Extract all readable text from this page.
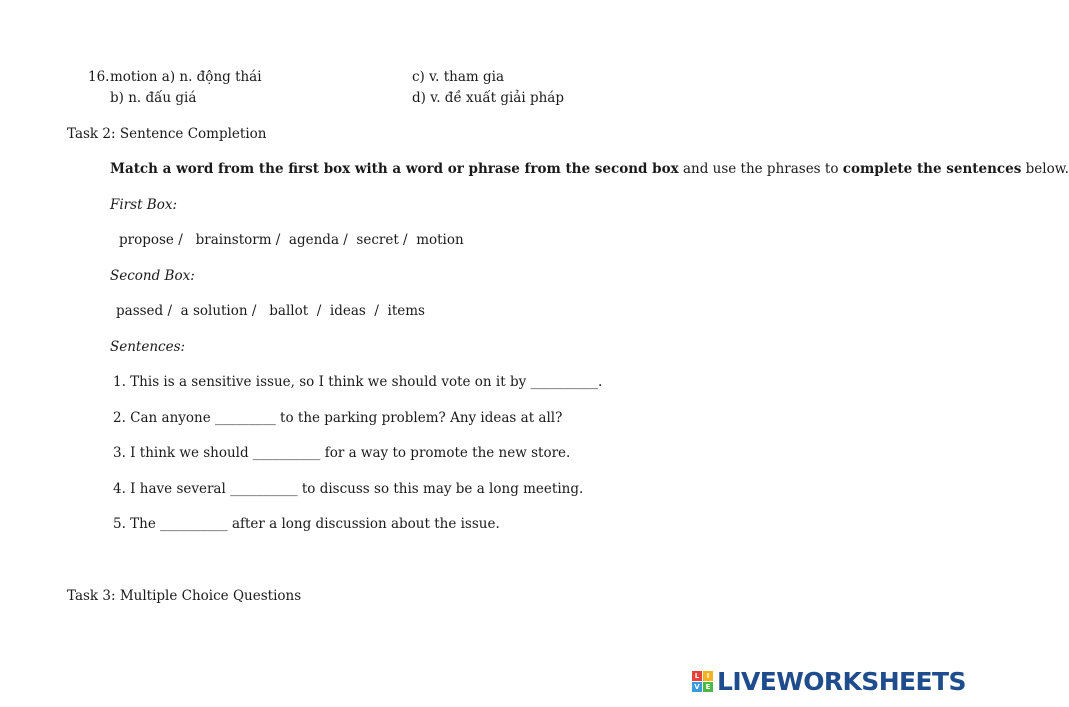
16. motion a) n. động thái	c) v. tham gia
b) n. đấu giá	d) v. đề xuất giải pháp
Task 2: Sentence Completion
Match a word from the first box with a word or phrase from the second box and use the phrases to complete the sentences below.
First Box:
propose /   brainstorm /  agenda /  secret /  motion
Second Box:
passed /  a solution /   ballot  /  ideas  /  items
Sentences:
1. This is a sensitive issue, so I think we should vote on it by __________.
2. Can anyone _________ to the parking problem? Any ideas at all?
3. I think we should __________ for a way to promote the new store.
4. I have several __________ to discuss so this may be a long meeting.
5. The __________ after a long discussion about the issue.
Task 3: Multiple Choice Questions
L	I
V E LIVEWORKSHEETS
